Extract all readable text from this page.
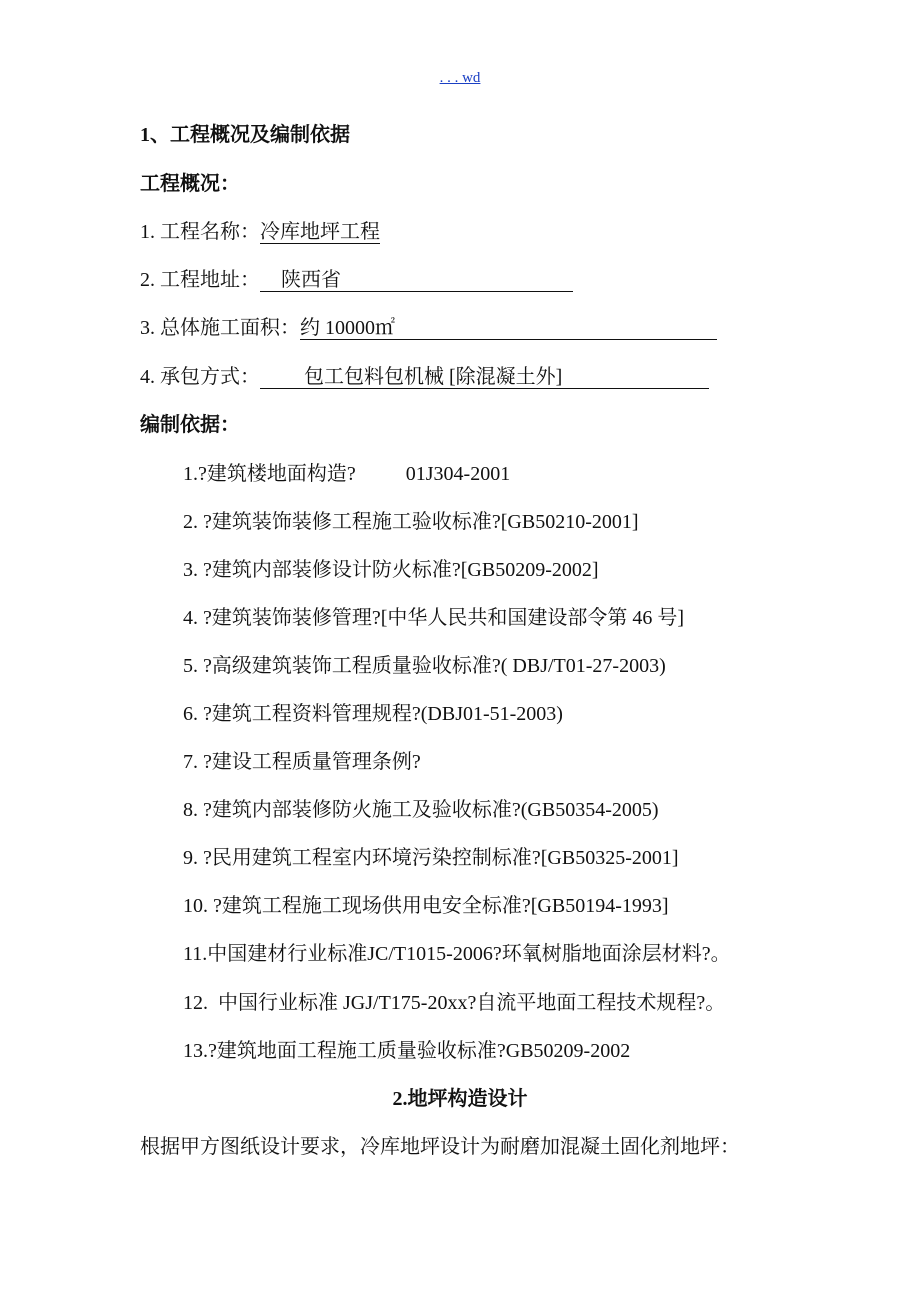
. . . wd
1、工程概况及编制依据
工程概况：
1. 工程名称：冷库地坪工程
2. 工程地址： 陕西省
3. 总体施工面积：约 10000㎡
4. 承包方式： 包工包料包机械 [除混凝土外]
编制依据：
1.?建筑楼地面构造?          01J304-2001
2. ?建筑装饰装修工程施工验收标准?[GB50210-2001]
3. ?建筑内部装修设计防火标准?[GB50209-2002]
4. ?建筑装饰装修管理?[中华人民共和国建设部令第 46 号]
5. ?高级建筑装饰工程质量验收标准?( DBJ/T01-27-2003)
6. ?建筑工程资料管理规程?(DBJ01-51-2003)
7. ?建设工程质量管理条例?
8. ?建筑内部装修防火施工及验收标准?(GB50354-2005)
9. ?民用建筑工程室内环境污染控制标准?[GB50325-2001]
10. ?建筑工程施工现场供用电安全标准?[GB50194-1993]
11.中国建材行业标准JC/T1015-2006?环氧树脂地面涂层材料?。
12.  中国行业标准 JGJ/T175-20xx?自流平地面工程技术规程?。
13.?建筑地面工程施工质量验收标准?GB50209-2002
2.地坪构造设计
根据甲方图纸设计要求，冷库地坪设计为耐磨加混凝土固化剂地坪：
